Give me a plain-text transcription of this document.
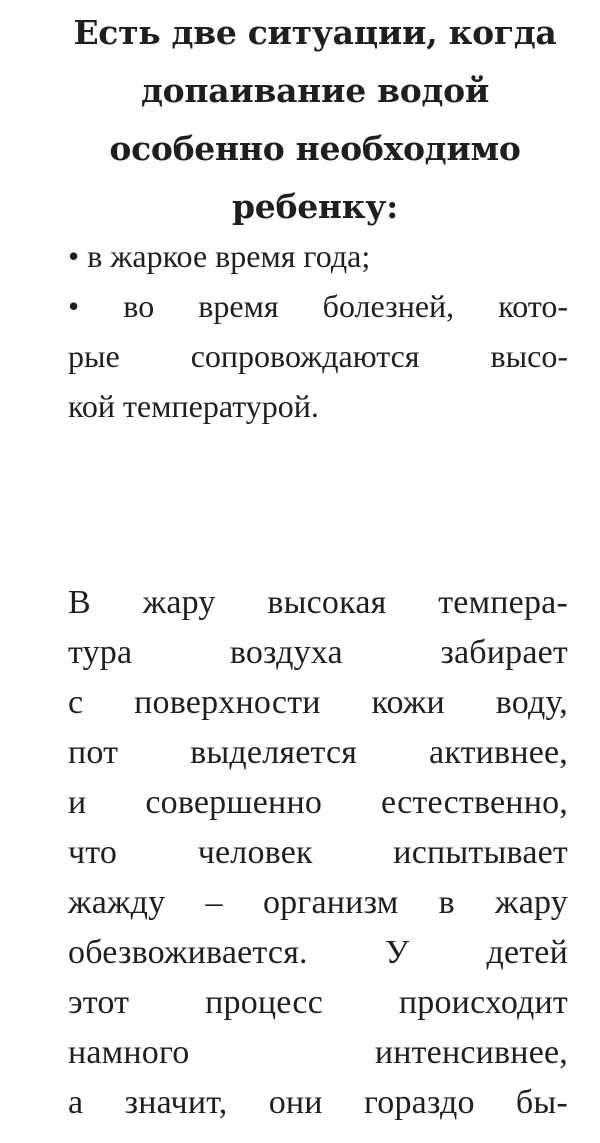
Есть две ситуации, когда
допаивание водой
особенно необходимо
ребенку:
• в жаркое время года;
• во время болезней, кото-
рые сопровождаются высо-
кой температурой.

В жару высокая темпера-
тура воздуха забирает
с поверхности кожи воду,
пот выделяется активнее,
и совершенно естественно,
что человек испытывает
жажду – организм в жару
обезвоживается. У детей
этот процесс происходит
намного интенсивнее,
а значит, они гораздо бы-
